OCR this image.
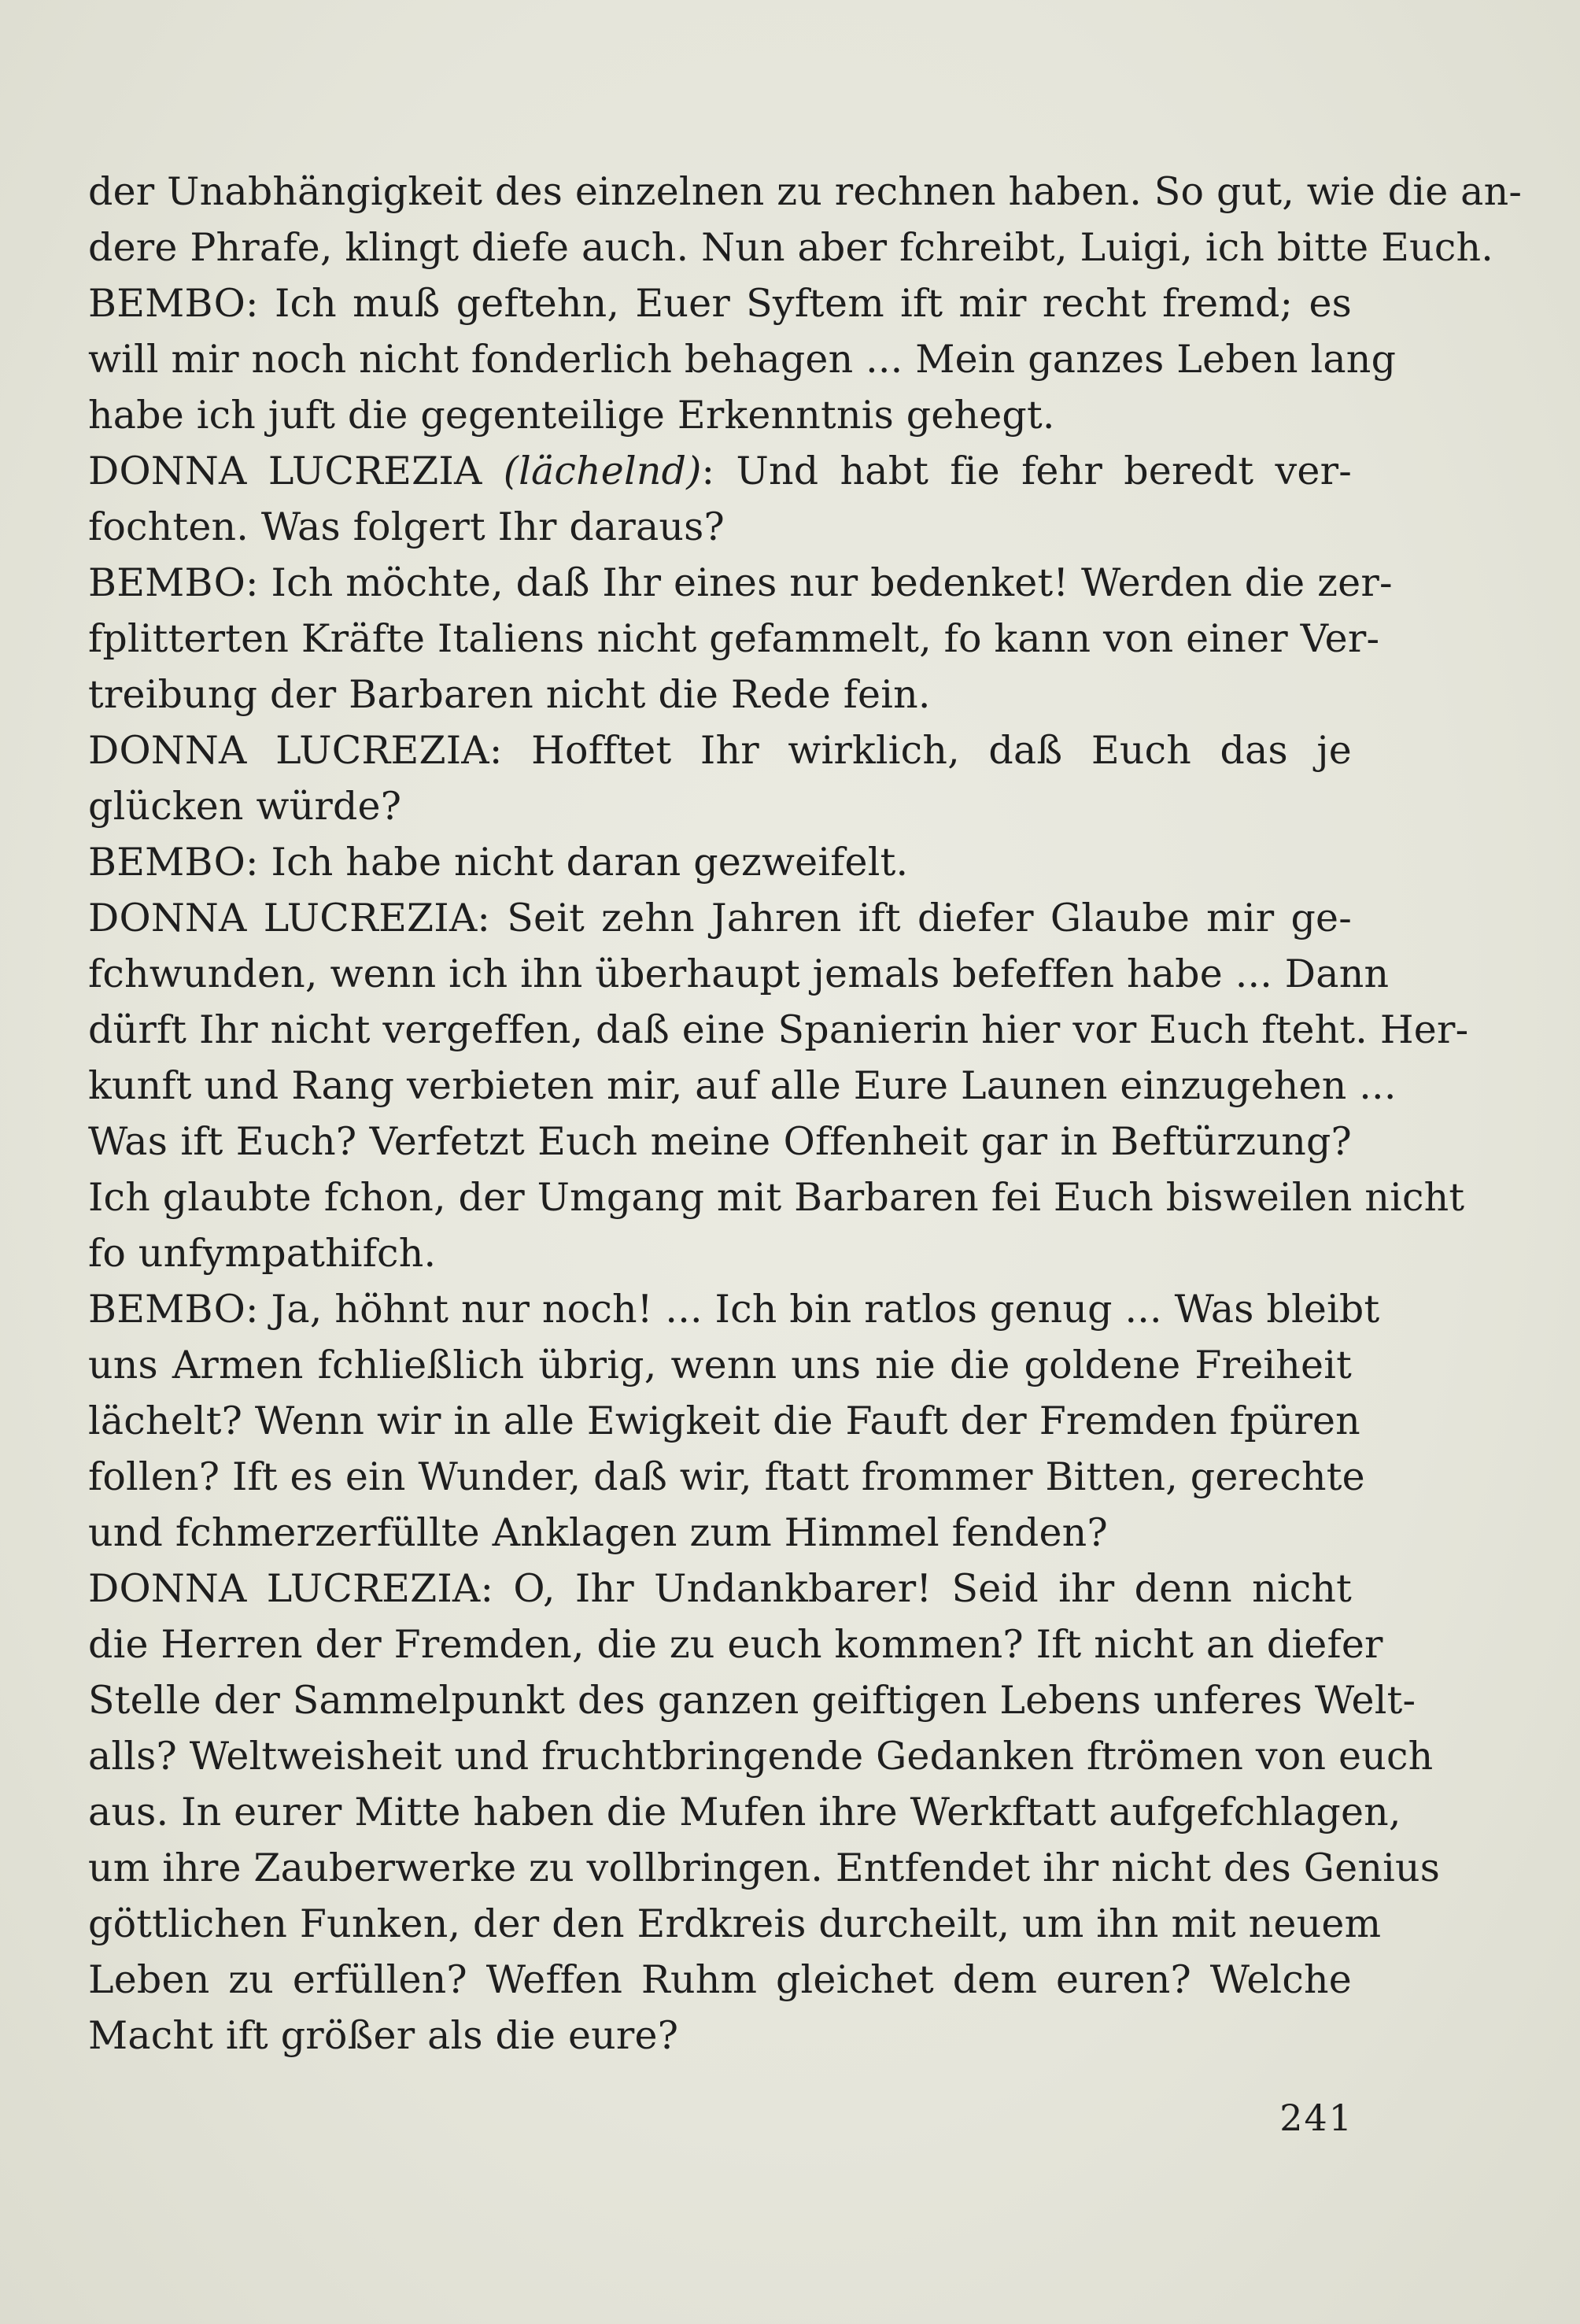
der Unabhängigkeit des einzelnen zu rechnen haben. So gut, wie die an-
dere Phrafe, klingt diefe auch. Nun aber fchreibt, Luigi, ich bitte Euch.
BEMBO: Ich muß geftehn, Euer Syftem ift mir recht fremd; es
will mir noch nicht fonderlich behagen ... Mein ganzes Leben lang
habe ich juft die gegenteilige Erkenntnis gehegt.
DONNA LUCREZIA (lächelnd): Und habt fie fehr beredt ver-
fochten. Was folgert Ihr daraus?
BEMBO: Ich möchte, daß Ihr eines nur bedenket! Werden die zer-
fplitterten Kräfte Italiens nicht gefammelt, fo kann von einer Ver-
treibung der Barbaren nicht die Rede fein.
DONNA LUCREZIA: Hofftet Ihr wirklich, daß Euch das je
glücken würde?
BEMBO: Ich habe nicht daran gezweifelt.
DONNA LUCREZIA: Seit zehn Jahren ift diefer Glaube mir ge-
fchwunden, wenn ich ihn überhaupt jemals befeffen habe ... Dann
dürft Ihr nicht vergeffen, daß eine Spanierin hier vor Euch fteht. Her-
kunft und Rang verbieten mir, auf alle Eure Launen einzugehen ...
Was ift Euch? Verfetzt Euch meine Offenheit gar in Beftürzung?
Ich glaubte fchon, der Umgang mit Barbaren fei Euch bisweilen nicht
fo unfympathifch.
BEMBO: Ja, höhnt nur noch! ... Ich bin ratlos genug ... Was bleibt
uns Armen fchließlich übrig, wenn uns nie die goldene Freiheit
lächelt? Wenn wir in alle Ewigkeit die Fauft der Fremden fpüren
follen? Ift es ein Wunder, daß wir, ftatt frommer Bitten, gerechte
und fchmerzerfüllte Anklagen zum Himmel fenden?
DONNA LUCREZIA: O, Ihr Undankbarer! Seid ihr denn nicht
die Herren der Fremden, die zu euch kommen? Ift nicht an diefer
Stelle der Sammelpunkt des ganzen geiftigen Lebens unferes Welt-
alls? Weltweisheit und fruchtbringende Gedanken ftrömen von euch
aus. In eurer Mitte haben die Mufen ihre Werkftatt aufgefchlagen,
um ihre Zauberwerke zu vollbringen. Entfendet ihr nicht des Genius
göttlichen Funken, der den Erdkreis durcheilt, um ihn mit neuem
Leben zu erfüllen? Weffen Ruhm gleichet dem euren? Welche
Macht ift größer als die eure?
241
